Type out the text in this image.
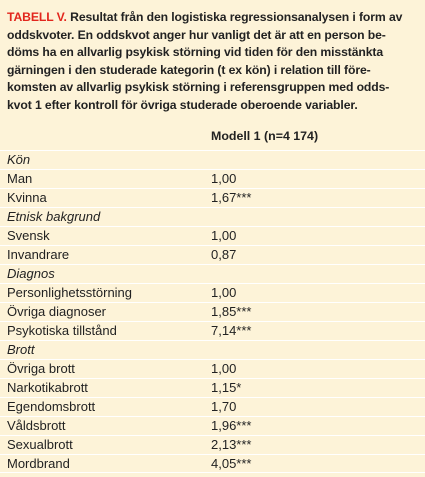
TABELL V. Resultat från den logistiska regressionsanalysen i form av
oddskvoter. En oddskvot anger hur vanligt det är att en person be-
döms ha en allvarlig psykisk störning vid tiden för den misstänkta
gärningen i den studerade kategorin (t ex kön) i relation till före-
komsten av allvarlig psykisk störning i referensgruppen med odds-
kvot 1 efter kontroll för övriga studerade oberoende variabler.
Modell 1 (n=4 174)
Kön
Man	1,00
Kvinna	1,67***
Etnisk bakgrund
Svensk	1,00
Invandrare	0,87
Diagnos
Personlighetsstörning	1,00
Övriga diagnoser	1,85***
Psykotiska tillstånd	7,14***
Brott
Övriga brott	1,00
Narkotikabrott	1,15*
Egendomsbrott	1,70
Våldsbrott	1,96***
Sexualbrott	2,13***
Mordbrand	4,05***
